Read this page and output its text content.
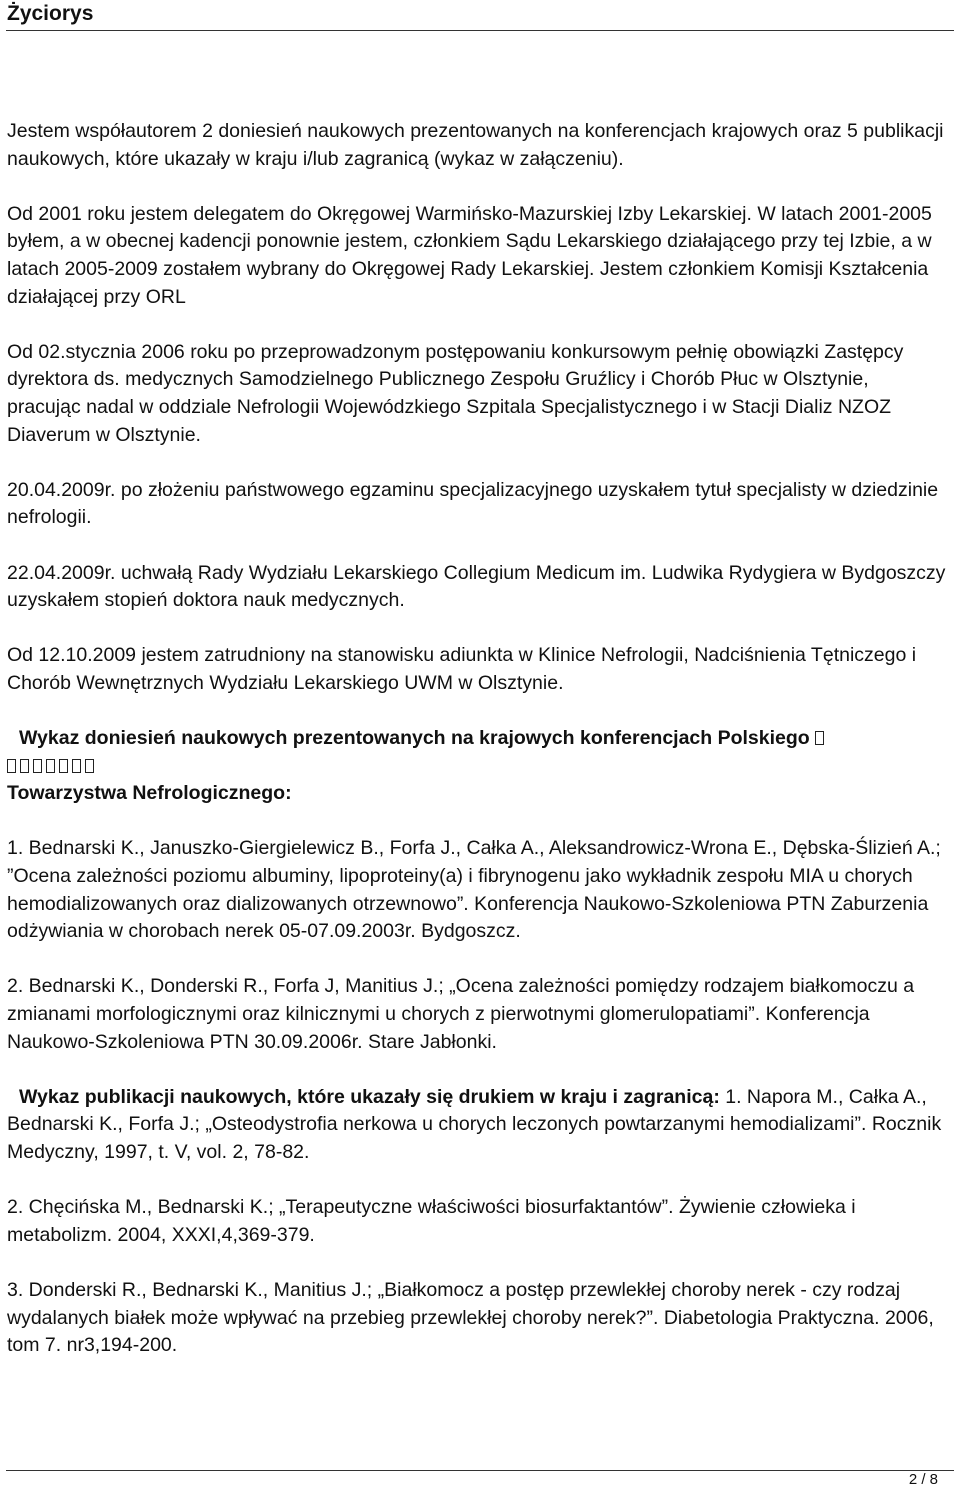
Życiorys

Jestem współautorem 2 doniesień naukowych prezentowanych na konferencjach krajowych oraz 5 publikacji naukowych, które ukazały w kraju i/lub zagranicą (wykaz w załączeniu).

Od 2001 roku jestem delegatem do Okręgowej Warmińsko-Mazurskiej Izby Lekarskiej. W latach 2001-2005 byłem, a w obecnej kadencji ponownie jestem, członkiem Sądu Lekarskiego działającego przy tej Izbie, a w latach 2005-2009 zostałem wybrany do Okręgowej Rady Lekarskiej. Jestem członkiem Komisji Kształcenia działającej przy ORL

Od 02.stycznia 2006 roku po przeprowadzonym postępowaniu konkursowym pełnię obowiązki Zastępcy dyrektora ds. medycznych Samodzielnego Publicznego Zespołu Gruźlicy i Chorób Płuc w Olsztynie, pracując nadal w oddziale Nefrologii Wojewódzkiego Szpitala Specjalistycznego i w Stacji Dializ NZOZ Diaverum w Olsztynie.

20.04.2009r. po złożeniu państwowego egzaminu specjalizacyjnego uzyskałem tytuł specjalisty w dziedzinie nefrologii.

22.04.2009r. uchwałą Rady Wydziału Lekarskiego Collegium Medicum im. Ludwika Rydygiera w Bydgoszczy uzyskałem stopień doktora nauk medycznych.

Od 12.10.2009 jestem zatrudniony na stanowisku adiunkta w Klinice Nefrologii, Nadciśnienia Tętniczego i Chorób Wewnętrznych Wydziału Lekarskiego UWM w Olsztynie.

Wykaz doniesień naukowych prezentowanych na krajowych konferencjach Polskiego
Towarzystwa Nefrologicznego:

1. Bednarski K., Januszko-Giergielewicz B., Forfa J., Całka A., Aleksandrowicz-Wrona E., Dębska-Ślizień A.; ”Ocena zależności poziomu albuminy, lipoproteiny(a) i fibrynogenu jako wykładnik zespołu MIA u chorych hemodializowanych oraz dializowanych otrzewnowo”. Konferencja Naukowo-Szkoleniowa PTN Zaburzenia odżywiania w chorobach nerek 05-07.09.2003r. Bydgoszcz.

2. Bednarski K., Donderski R., Forfa J, Manitius J.; „Ocena zależności pomiędzy rodzajem białkomoczu a zmianami morfologicznymi oraz kilnicznymi u chorych z pierwotnymi glomerulopatiami”. Konferencja Naukowo-Szkoleniowa PTN 30.09.2006r. Stare Jabłonki.

Wykaz publikacji naukowych, które ukazały się drukiem w kraju i zagranicą: 1. Napora M., Całka A., Bednarski K., Forfa J.; „Osteodystrofia nerkowa u chorych leczonych powtarzanymi hemodializami”. Rocznik Medyczny, 1997, t. V, vol. 2, 78-82.

2. Chęcińska M., Bednarski K.; „Terapeutyczne właściwości biosurfaktantów”. Żywienie człowieka i metabolizm. 2004, XXXI,4,369-379.

3. Donderski R., Bednarski K., Manitius J.; „Białkomocz a postęp przewlekłej choroby nerek - czy rodzaj wydalanych białek może wpływać na przebieg przewlekłej choroby nerek?”. Diabetologia Praktyczna. 2006, tom 7. nr3,194-200.

2 / 8
